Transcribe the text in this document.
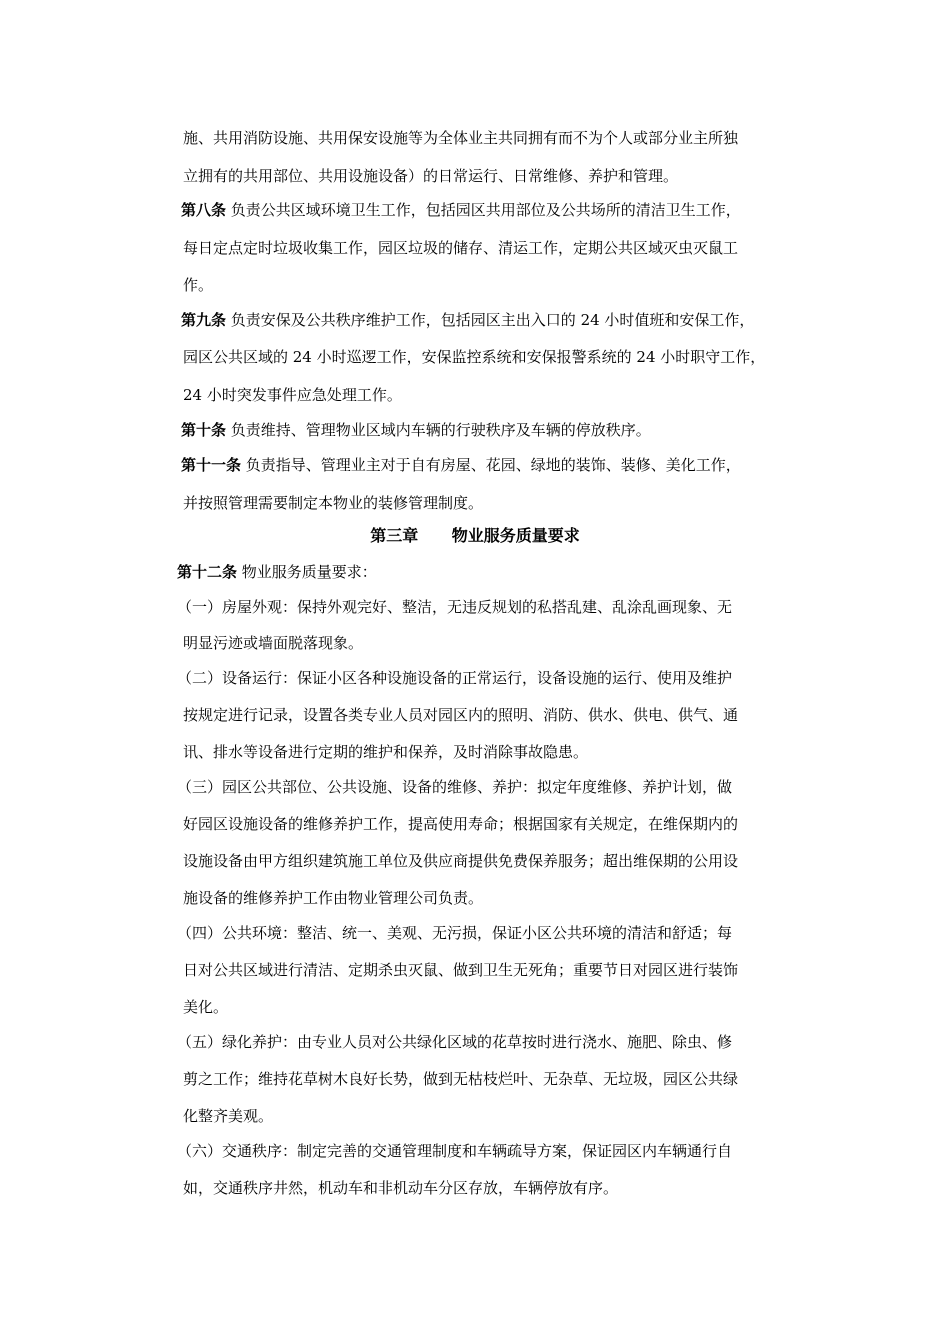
施、共用消防设施、共用保安设施等为全体业主共同拥有而不为个人或部分业主所独
立拥有的共用部位、共用设施设备）的日常运行、日常维修、养护和管理。
第八条 负责公共区域环境卫生工作，包括园区共用部位及公共场所的清洁卫生工作，
每日定点定时垃圾收集工作，园区垃圾的储存、清运工作，定期公共区域灭虫灭鼠工
作。
第九条 负责安保及公共秩序维护工作，包括园区主出入口的 24 小时值班和安保工作，
园区公共区域的 24 小时巡逻工作，安保监控系统和安保报警系统的 24 小时职守工作，
24 小时突发事件应急处理工作。
第十条 负责维持、管理物业区域内车辆的行驶秩序及车辆的停放秩序。
第十一条 负责指导、管理业主对于自有房屋、花园、绿地的装饰、装修、美化工作，
并按照管理需要制定本物业的装修管理制度。
第三章 物业服务质量要求
第十二条 物业服务质量要求：
（一）房屋外观：保持外观完好、整洁，无违反规划的私搭乱建、乱涂乱画现象、无
明显污迹或墙面脱落现象。
（二）设备运行：保证小区各种设施设备的正常运行，设备设施的运行、使用及维护
按规定进行记录，设置各类专业人员对园区内的照明、消防、供水、供电、供气、通
讯、排水等设备进行定期的维护和保养，及时消除事故隐患。
（三）园区公共部位、公共设施、设备的维修、养护：拟定年度维修、养护计划，做
好园区设施设备的维修养护工作，提高使用寿命；根据国家有关规定，在维保期内的
设施设备由甲方组织建筑施工单位及供应商提供免费保养服务；超出维保期的公用设
施设备的维修养护工作由物业管理公司负责。
（四）公共环境：整洁、统一、美观、无污损，保证小区公共环境的清洁和舒适；每
日对公共区域进行清洁、定期杀虫灭鼠、做到卫生无死角；重要节日对园区进行装饰
美化。
（五）绿化养护：由专业人员对公共绿化区域的花草按时进行浇水、施肥、除虫、修
剪之工作；维持花草树木良好长势，做到无枯枝烂叶、无杂草、无垃圾，园区公共绿
化整齐美观。
（六）交通秩序：制定完善的交通管理制度和车辆疏导方案，保证园区内车辆通行自
如，交通秩序井然，机动车和非机动车分区存放，车辆停放有序。
